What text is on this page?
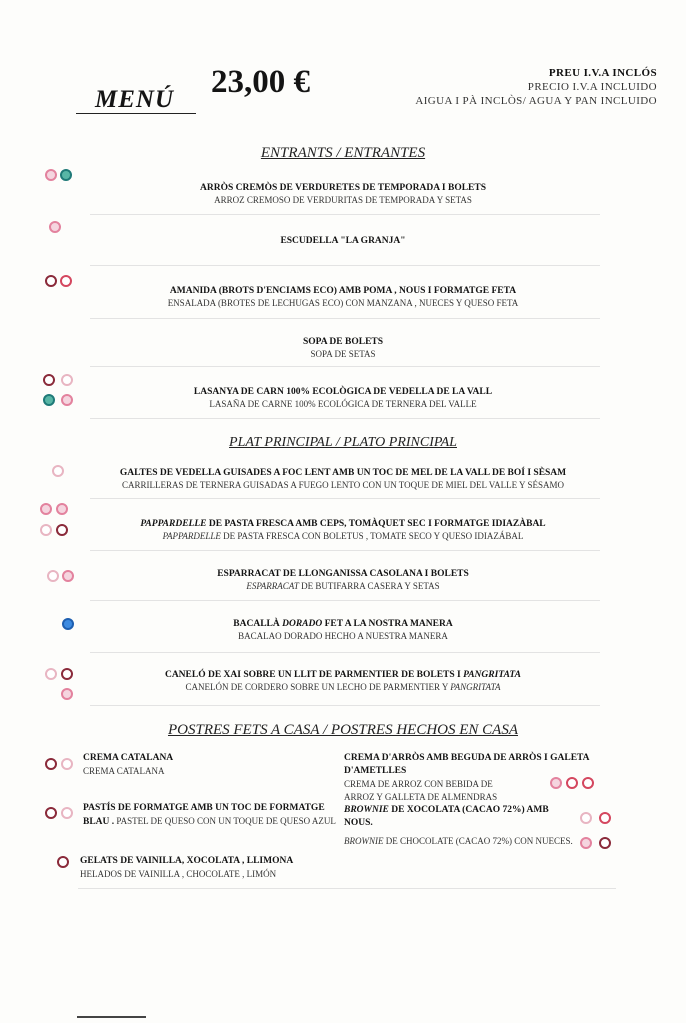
MENÚ 23,00 €	PREU I.V.A INCLÓS
PRECIO I.V.A INCLUIDO
AIGUA I PÀ INCLÒS/ AGUA Y PAN INCLUIDO
ENTRANTS / ENTRANTES
PLAT PRINCIPAL / PLATO PRINCIPAL
POSTRES FETS A CASA / POSTRES HECHOS EN CASA
ARRÒS CREMÒS DE VERDURETES DE TEMPORADA I BOLETS
ARROZ CREMOSO DE VERDURITAS DE TEMPORADA Y SETAS
ESCUDELLA "LA GRANJA"
AMANIDA (BROTS D'ENCIAMS ECO) AMB POMA , NOUS I FORMATGE FETA
ENSALADA (BROTES DE LECHUGAS ECO) CON MANZANA , NUECES Y QUESO FETA
SOPA DE BOLETS
SOPA DE SETAS
LASANYA DE CARN 100% ECOLÒGICA DE VEDELLA DE LA VALL
LASAÑA DE CARNE 100% ECOLÓGICA DE TERNERA DEL VALLE
GALTES DE VEDELLA GUISADES A FOC LENT AMB UN TOC DE MEL DE LA VALL DE BOÍ I SÈSAM
CARRILLERAS DE TERNERA GUISADAS A FUEGO LENTO CON UN TOQUE DE MIEL DEL VALLE Y SÉSAMO
PAPPARDELLE DE PASTA FRESCA AMB CEPS, TOMÀQUET SEC I FORMATGE IDIAZÀBAL
PAPPARDELLE DE PASTA FRESCA CON BOLETUS , TOMATE SECO Y QUESO IDIAZÁBAL
ESPARRACAT DE LLONGANISSA CASOLANA I BOLETS
ESPARRACAT DE BUTIFARRA CASERA Y SETAS
BACALLÀ DORADO FET A LA NOSTRA MANERA
BACALAO DORADO HECHO A NUESTRA MANERA
CANELÓ DE XAI SOBRE UN LLIT DE PARMENTIER DE BOLETS I PANGRITATA
CANELÓN DE CORDERO SOBRE UN LECHO DE PARMENTIER Y PANGRITATA
CREMA CATALANA
CREMA CATALANA
PASTÍS DE FORMATGE AMB UN TOC DE FORMATGE BLAU . PASTEL DE QUESO CON UN TOQUE DE QUESO AZUL
GELATS DE VAINILLA, XOCOLATA , LLIMONA
HELADOS DE VAINILLA , CHOCOLATE , LIMÓN
CREMA D'ARRÒS AMB BEGUDA DE ARRÒS I GALETA D'AMETLLES
CREMA DE ARROZ CON BEBIDA DE ARROZ Y GALLETA DE ALMENDRAS
BROWNIE DE XOCOLATA (CACAO 72%) AMB NOUS.
BROWNIE DE CHOCOLATE (CACAO 72%) CON NUECES.
